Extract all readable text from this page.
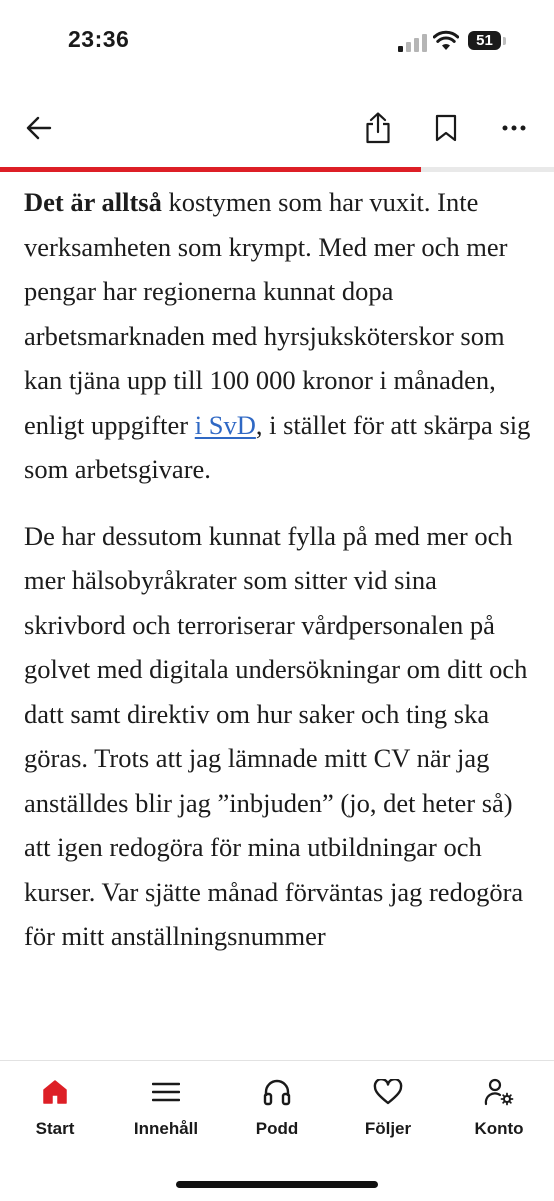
23:36	51

Det är alltså kostymen som har vuxit. Inte verksamheten som krympt. Med mer och mer pengar har regionerna kunnat dopa arbetsmarknaden med hyrsjuksköterskor som kan tjäna upp till 100 000 kronor i månaden, enligt uppgifter i SvD, i stället för att skärpa sig som arbetsgivare.

De har dessutom kunnat fylla på med mer och mer hälsobyråkrater som sitter vid sina skrivbord och terroriserar vårdpersonalen på golvet med digitala undersökningar om ditt och datt samt direktiv om hur saker och ting ska göras. Trots att jag lämnade mitt CV när jag anställdes blir jag ”inbjuden” (jo, det heter så) att igen redogöra för mina utbildningar och kurser. Var sjätte månad förväntas jag redogöra för mitt anställningsnummer

Start	Innehåll	Podd	Följer	Konto
